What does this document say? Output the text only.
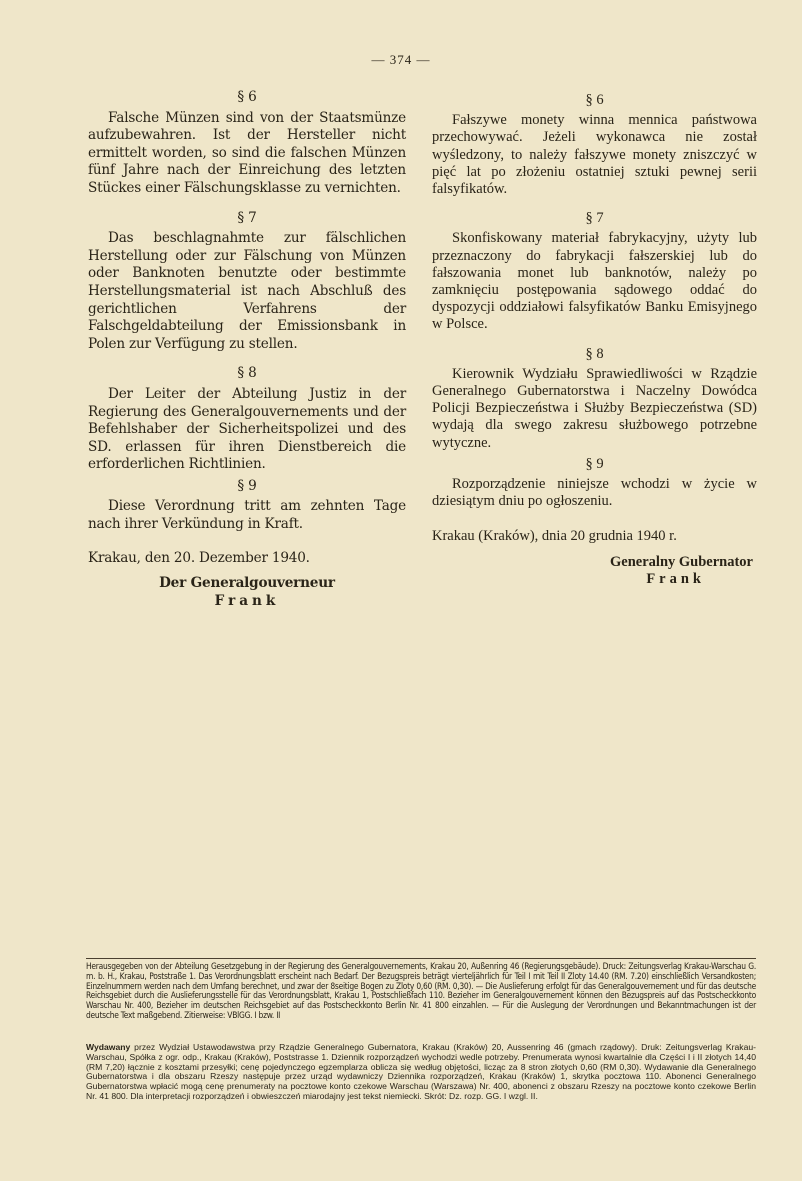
— 374 —
§ 6

Falsche Münzen sind von der Staatsmünze aufzubewahren. Ist der Hersteller nicht ermittelt worden, so sind die falschen Münzen fünf Jahre nach der Einreichung des letzten Stückes einer Fälschungsklasse zu vernichten.

§ 7

Das beschlagnahmte zur fälschlichen Herstellung oder zur Fälschung von Münzen oder Banknoten benutzte oder bestimmte Herstellungsmaterial ist nach Abschluß des gerichtlichen Verfahrens der Falschgeldabteilung der Emissionsbank in Polen zur Verfügung zu stellen.

§ 8

Der Leiter der Abteilung Justiz in der Regierung des Generalgouvernements und der Befehlshaber der Sicherheitspolizei und des SD. erlassen für ihren Dienstbereich die erforderlichen Richtlinien.

§ 9

Diese Verordnung tritt am zehnten Tage nach ihrer Verkündung in Kraft.

Krakau, den 20. Dezember 1940.

Der Generalgouverneur
Frank
§ 6

Fałszywe monety winna mennica państwowa przechowywać. Jeżeli wykonawca nie został wyśledzony, to należy fałszywe monety zniszczyć w pięć lat po złożeniu ostatniej sztuki pewnej serii falsyfikatów.

§ 7

Skonfiskowany materiał fabrykacyjny, użyty lub przeznaczony do fabrykacji fałszerskiej lub do fałszowania monet lub banknotów, należy po zamknięciu postępowania sądowego oddać do dyspozycji oddziałowi falsyfikatów Banku Emisyjnego w Polsce.

§ 8

Kierownik Wydziału Sprawiedliwości w Rządzie Generalnego Gubernatorstwa i Naczelny Dowódca Policji Bezpieczeństwa i Służby Bezpieczeństwa (SD) wydają dla swego zakresu służbowego potrzebne wytyczne.

§ 9

Rozporządzenie niniejsze wchodzi w życie w dziesiątym dniu po ogłoszeniu.

Krakau (Kraków), dnia 20 grudnia 1940 r.

Generalny Gubernator
Frank
Herausgegeben von der Abteilung Gesetzgebung in der Regierung des Generalgouvernements, Krakau 20, Außenring 46 (Regierungsgebäude). Druck: Zeitungsverlag Krakau-Warschau G. m. b. H., Krakau, Poststraße 1. Das Verordnungsblatt erscheint nach Bedarf. Der Bezugspreis beträgt vierteljährlich für Teil I mit Teil II Zloty 14.40 (RM. 7.20) einschließlich Versandkosten; Einzelnummern werden nach dem Umfang berechnet, und zwar der 8seitige Bogen zu Zloty 0,60 (RM. 0,30). — Die Auslieferung erfolgt für das Generalgouvernement und für das deutsche Reichsgebiet durch die Auslieferungsstelle für das Verordnungsblatt, Krakau 1, Postschließfach 110. Bezieher im Generalgouvernement können den Bezugspreis auf das Postscheckkonto Warschau Nr. 400, Bezieher im deutschen Reichsgebiet auf das Postscheckkonto Berlin Nr. 41 800 einzahlen. — Für die Auslegung der Verordnungen und Bekanntmachungen ist der deutsche Text maßgebend. Zitierweise: VBlGG. I bzw. II
Wydawany przez Wydział Ustawodawstwa przy Rządzie Generalnego Gubernatora, Krakau (Kraków) 20, Aussenring 46 (gmach rządowy). Druk: Zeitungsverlag Krakau-Warschau, Spółka z ogr. odp., Krakau (Kraków), Poststrasse 1. Dziennik rozporządzeń wychodzi wedle potrzeby. Prenumerata wynosi kwartalnie dla Części I i II złotych 14,40 (RM 7,20) łącznie z kosztami przesyłki; cenę pojedynczego egzemplarza oblicza się według objętości, licząc za 8 stron złotych 0,60 (RM 0,30). Wydawanie dla Generalnego Gubernatorstwa i dla obszaru Rzeszy następuje przez urząd wydawniczy Dziennika rozporządzeń, Krakau (Kraków) 1, skrytka pocztowa 110. Abonenci Generalnego Gubernatorstwa wpłacić mogą cenę prenumeraty na pocztowe konto czekowe Warschau (Warszawa) Nr. 400, abonenci z obszaru Rzeszy na pocztowe konto czekowe Berlin Nr. 41 800. Dla interpretacji rozporządzeń i obwieszczeń miarodajny jest tekst niemiecki. Skrót: Dz. rozp. GG. I wzgl. II.
